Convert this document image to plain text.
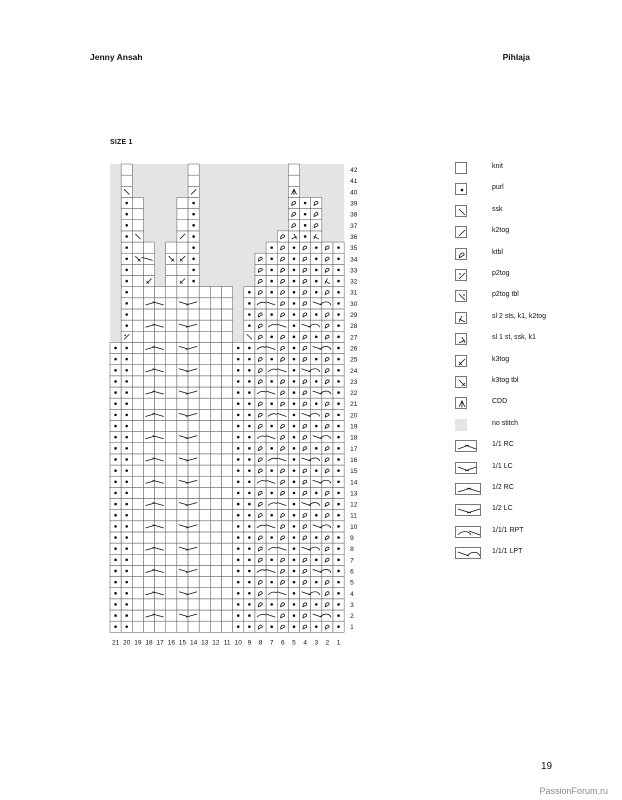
Jenny Ansah	Pihlaja
SIZE 1
1
2
3
4
5
6
7
8
9
10
11
12
13
14
15
16
17
18
19
20
21
22
23
24
25
26
27
28
29
30
31
32
33
34
35
36
37
38
39
40
41
42
21 20 19 18 17 16 15 14 13 12 11 10 9 8 7 6 5 4 3 2 1
knit
purl
ssk
k2tog
ktbl
p2tog
p2tog tbl
sl 2 sts, k1, k2tog
sl 1 st, ssk, k1
k3tog
k3tog tbl
CDD
no stitch
1/1 RC
1/1 LC
1/2 RC
1/2 LC
1/1/1 RPT
1/1/1 LPT
19
PassionForum.ru
